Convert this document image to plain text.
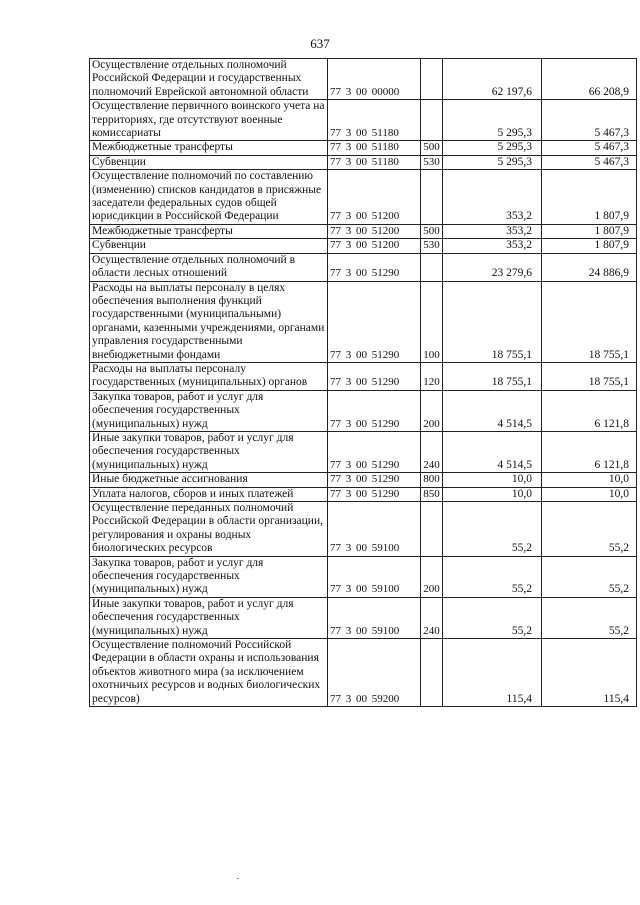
637
Осуществление отдельных полномочий Российской Федерации и государственных полномочий Еврейской автономной области	77 3 00 00000		62 197,6	66 208,9
Осуществление первичного воинского учета на территориях, где отсутствуют военные комиссариаты	77 3 00 51180		5 295,3	5 467,3
Межбюджетные трансферты	77 3 00 51180	500	5 295,3	5 467,3
Субвенции	77 3 00 51180	530	5 295,3	5 467,3
Осуществление полномочий по составлению (изменению) списков кандидатов в присяжные заседатели федеральных судов общей юрисдикции в Российской Федерации	77 3 00 51200		353,2	1 807,9
Межбюджетные трансферты	77 3 00 51200	500	353,2	1 807,9
Субвенции	77 3 00 51200	530	353,2	1 807,9
Осуществление отдельных полномочий в области лесных отношений	77 3 00 51290		23 279,6	24 886,9
Расходы на выплаты персоналу в целях обеспечения выполнения функций государственными (муниципальными) органами, казенными учреждениями, органами управления государственными внебюджетными фондами	77 3 00 51290	100	18 755,1	18 755,1
Расходы на выплаты персоналу государственных (муниципальных) органов	77 3 00 51290	120	18 755,1	18 755,1
Закупка товаров, работ и услуг для обеспечения государственных (муниципальных) нужд	77 3 00 51290	200	4 514,5	6 121,8
Иные закупки товаров, работ и услуг для обеспечения государственных (муниципальных) нужд	77 3 00 51290	240	4 514,5	6 121,8
Иные бюджетные ассигнования	77 3 00 51290	800	10,0	10,0
Уплата налогов, сборов и иных платежей	77 3 00 51290	850	10,0	10,0
Осуществление переданных полномочий Российской Федерации в области организации, регулирования и охраны водных биологических ресурсов	77 3 00 59100		55,2	55,2
Закупка товаров, работ и услуг для обеспечения государственных (муниципальных) нужд	77 3 00 59100	200	55,2	55,2
Иные закупки товаров, работ и услуг для обеспечения государственных (муниципальных) нужд	77 3 00 59100	240	55,2	55,2
Осуществление полномочий Российской Федерации в области охраны и использования объектов животного мира (за исключением охотничьих ресурсов и водных биологических ресурсов)	77 3 00 59200		115,4	115,4
